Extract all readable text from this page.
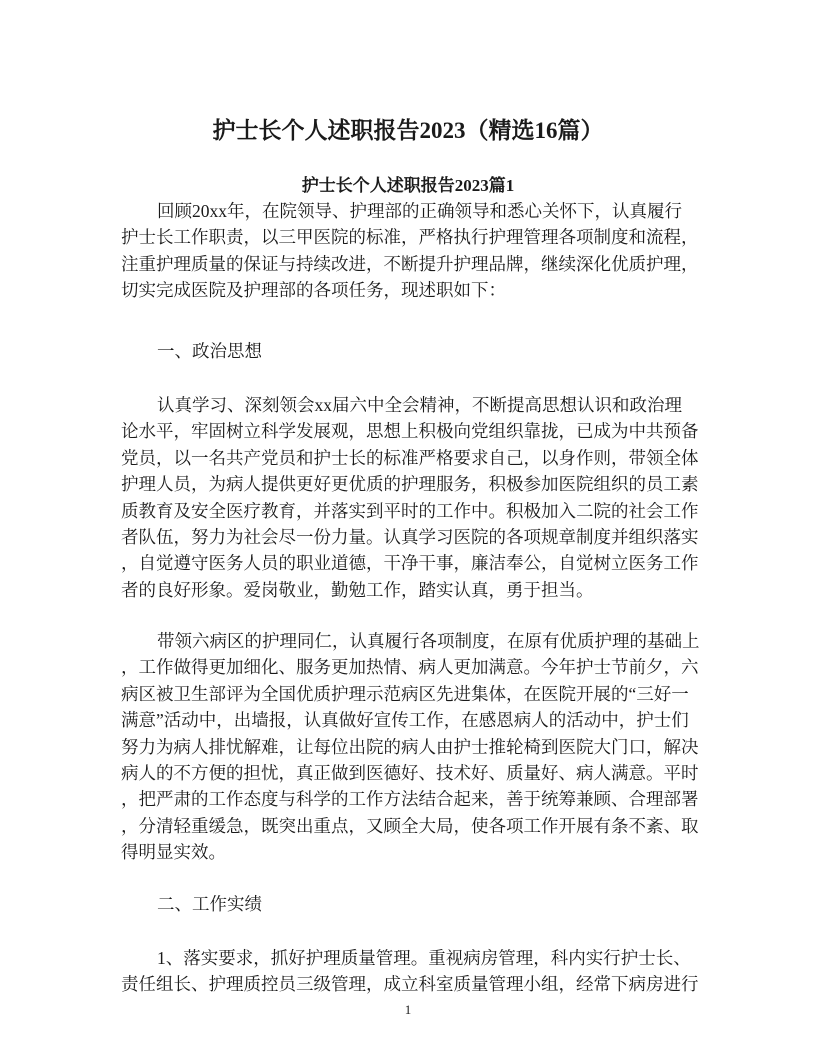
护士长个人述职报告2023（精选16篇）
护士长个人述职报告2023篇1
回顾20xx年，在院领导、护理部的正确领导和悉心关怀下，认真履行
护士长工作职责，以三甲医院的标准，严格执行护理管理各项制度和流程，
注重护理质量的保证与持续改进，不断提升护理品牌，继续深化优质护理，
切实完成医院及护理部的各项任务，现述职如下：
一、政治思想
认真学习、深刻领会xx届六中全会精神，不断提高思想认识和政治理
论水平，牢固树立科学发展观，思想上积极向党组织靠拢，已成为中共预备
党员，以一名共产党员和护士长的标准严格要求自己，以身作则，带领全体
护理人员，为病人提供更好更优质的护理服务，积极参加医院组织的员工素
质教育及安全医疗教育，并落实到平时的工作中。积极加入二院的社会工作
者队伍，努力为社会尽一份力量。认真学习医院的各项规章制度并组织落实
，自觉遵守医务人员的职业道德，干净干事，廉洁奉公，自觉树立医务工作
者的良好形象。爱岗敬业，勤勉工作，踏实认真，勇于担当。
带领六病区的护理同仁，认真履行各项制度，在原有优质护理的基础上
，工作做得更加细化、服务更加热情、病人更加满意。今年护士节前夕，六
病区被卫生部评为全国优质护理示范病区先进集体，在医院开展的“三好一
满意”活动中，出墙报，认真做好宣传工作，在感恩病人的活动中，护士们
努力为病人排忧解难，让每位出院的病人由护士推轮椅到医院大门口，解决
病人的不方便的担忧，真正做到医德好、技术好、质量好、病人满意。平时
，把严肃的工作态度与科学的工作方法结合起来，善于统筹兼顾、合理部署
，分清轻重缓急，既突出重点，又顾全大局，使各项工作开展有条不紊、取
得明显实效。
二、工作实绩
1、落实要求，抓好护理质量管理。重视病房管理，科内实行护士长、
责任组长、护理质控员三级管理，成立科室质量管理小组，经常下病房进行
1
